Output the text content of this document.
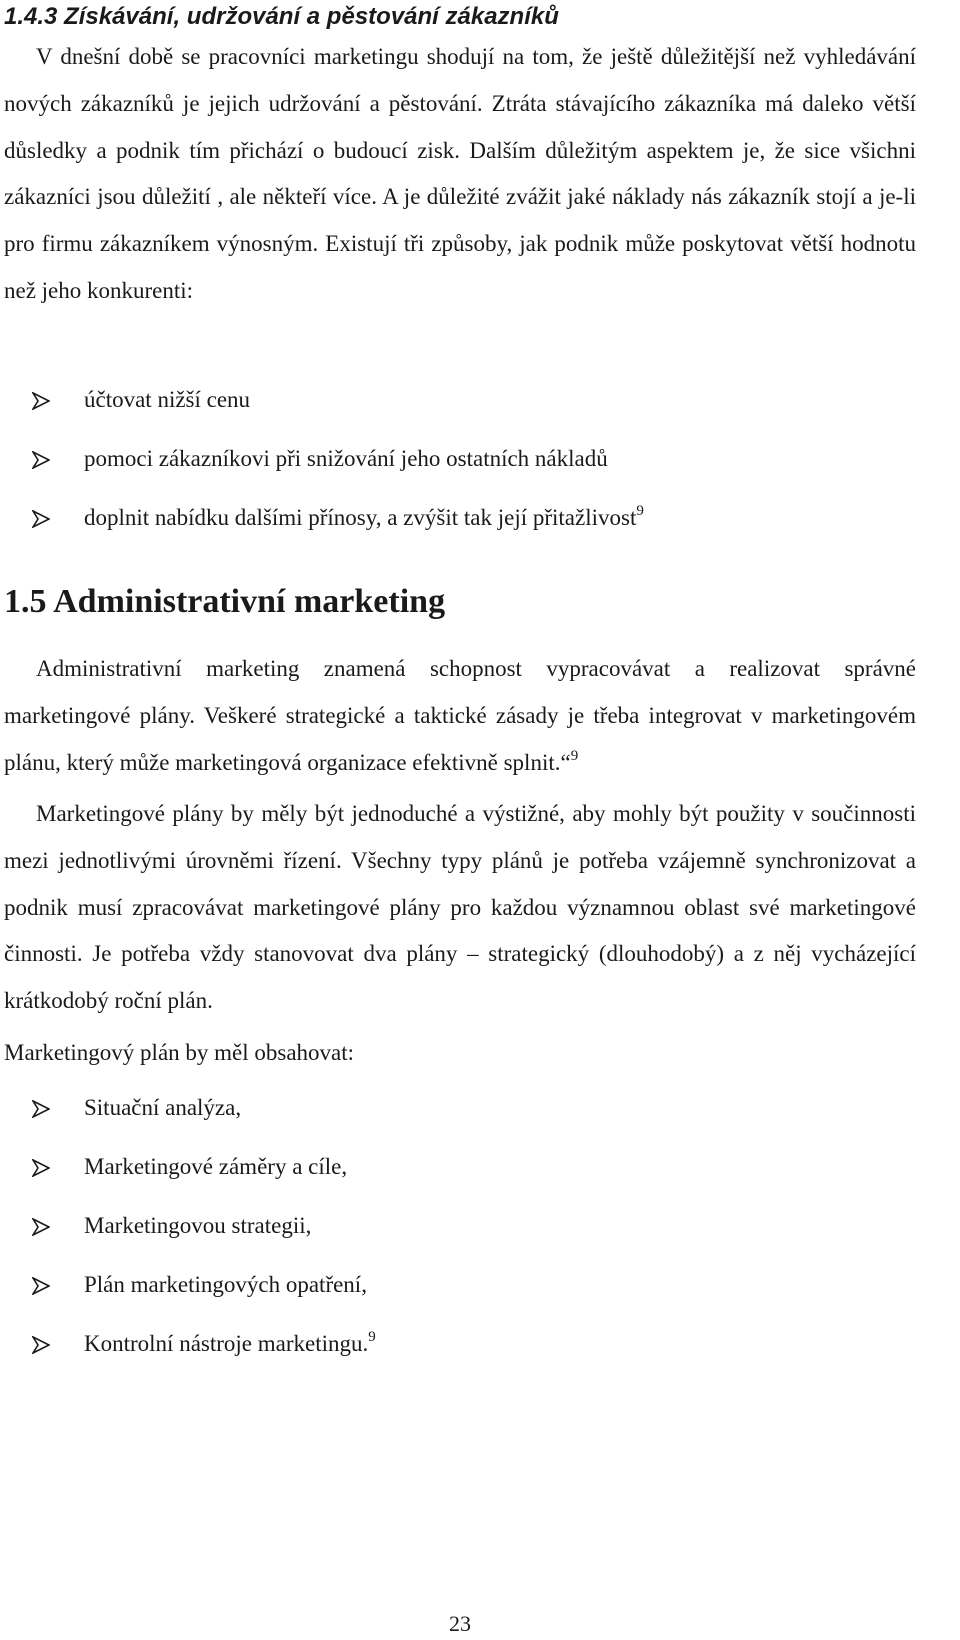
1.4.3 Získávání, udržování a pěstování zákazníků

V dnešní době se pracovníci marketingu shodují na tom, že ještě důležitější než vyhledávání nových zákazníků je jejich udržování a pěstování. Ztráta stávajícího zákazníka má daleko větší důsledky a podnik tím přichází o budoucí zisk. Dalším důležitým aspektem je, že sice všichni zákazníci jsou důležití , ale někteří více. A je důležité zvážit jaké náklady nás zákazník stojí a je-li pro firmu zákazníkem výnosným. Existují tři způsoby, jak podnik může poskytovat větší hodnotu než jeho konkurenti:

účtovat nižší cenu
pomoci zákazníkovi při snižování jeho ostatních nákladů
doplnit nabídku dalšími přínosy, a zvýšit tak její přitažlivost$^9$
1.5 Administrativní marketing

Administrativní marketing znamená schopnost vypracovávat a realizovat správné marketingové plány. Veškeré strategické a taktické zásady je třeba integrovat v marketingovém plánu, který může marketingová organizace efektivně splnit.“$^9$

Marketingové plány by měly být jednoduché a výstižné, aby mohly být použity v součinnosti mezi jednotlivými úrovněmi řízení. Všechny typy plánů je potřeba vzájemně synchronizovat a podnik musí zpracovávat marketingové plány pro každou významnou oblast své marketingové činnosti. Je potřeba vždy stanovovat dva plány – strategický (dlouhodobý) a z něj vycházející krátkodobý roční plán.

Marketingový plán by měl obsahovat:

Situační analýza,
Marketingové záměry a cíle,
Marketingovou strategii,
Plán marketingových opatření,
Kontrolní nástroje marketingu.$^9$
23
